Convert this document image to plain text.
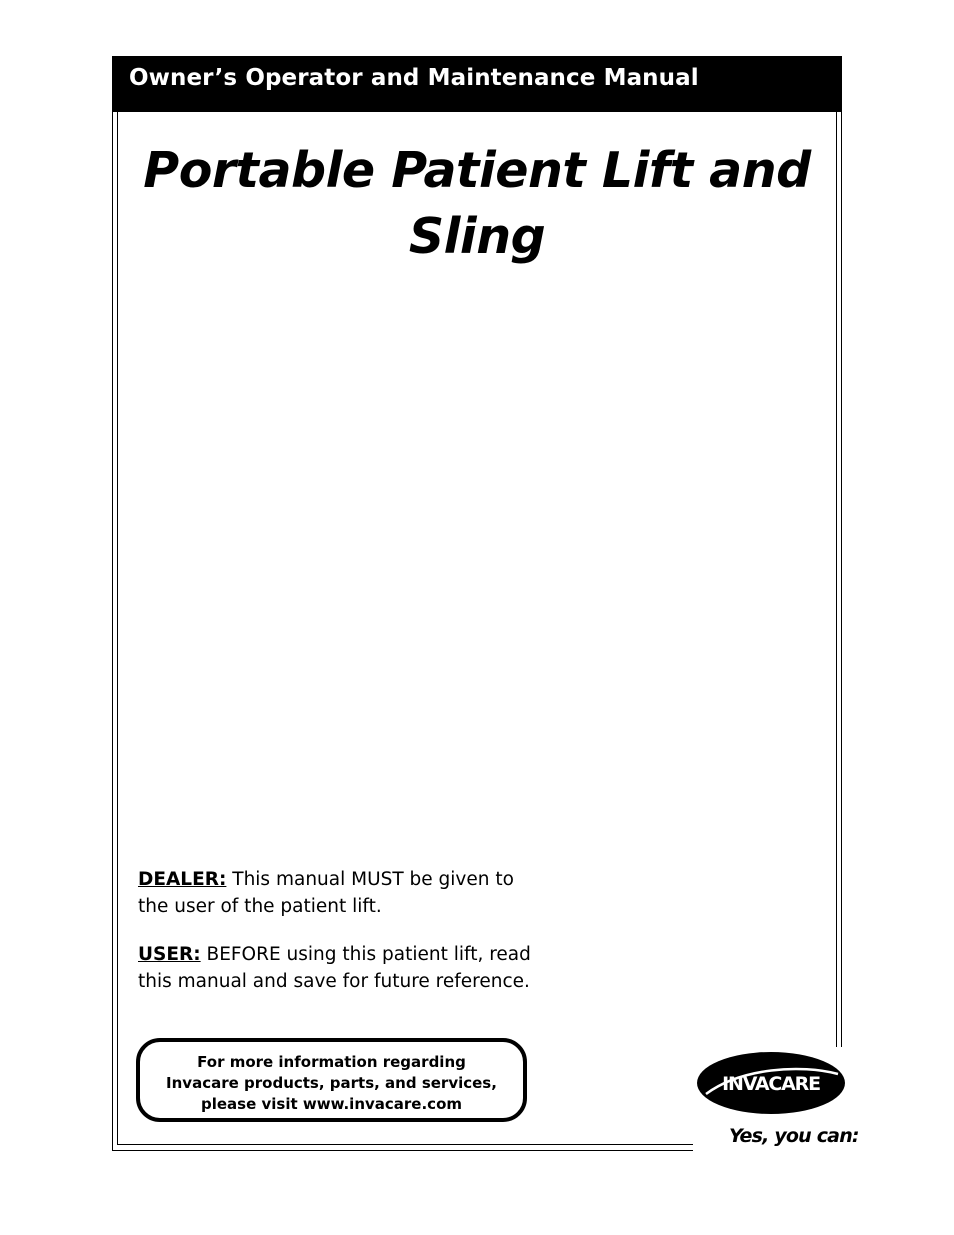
Owner’s Operator and Maintenance Manual
Portable Patient Lift and
Sling
DEALER: This manual MUST be given to the user of the patient lift.
USER: BEFORE using this patient lift, read this manual and save for future reference.
For more information regarding
Invacare products, parts, and services,
please visit www.invacare.com
INVACARE
Yes, you can:
